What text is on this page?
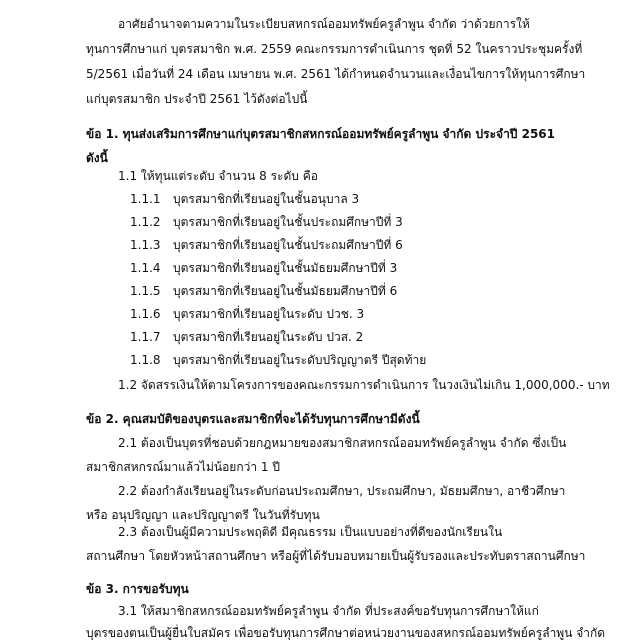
อาศัยอำนาจตามความในระเบียบสหกรณ์ออมทรัพย์ครูลำพูน จำกัด ว่าด้วยการให้
ทุนการศึกษาแก่ บุตรสมาชิก พ.ศ. 2559 คณะกรรมการดำเนินการ ชุดที่ 52 ในคราวประชุมครั้งที่
5/2561 เมื่อวันที่ 24 เดือน เมษายน พ.ศ. 2561 ได้กำหนดจำนวนและเงื่อนไขการให้ทุนการศึกษา
แก่บุตรสมาชิก ประจำปี 2561 ไว้ดังต่อไปนี้
ข้อ 1. ทุนส่งเสริมการศึกษาแก่บุตรสมาชิกสหกรณ์ออมทรัพย์ครูลำพูน จำกัด ประจำปี 2561
ดังนี้
1.1 ให้ทุนแต่ระดับ จำนวน 8 ระดับ คือ
1.1.1 บุตรสมาชิกที่เรียนอยู่ในชั้นอนุบาล 3
1.1.2 บุตรสมาชิกที่เรียนอยู่ในชั้นประถมศึกษาปีที่ 3
1.1.3 บุตรสมาชิกที่เรียนอยู่ในชั้นประถมศึกษาปีที่ 6
1.1.4 บุตรสมาชิกที่เรียนอยู่ในชั้นมัธยมศึกษาปีที่ 3
1.1.5 บุตรสมาชิกที่เรียนอยู่ในชั้นมัธยมศึกษาปีที่ 6
1.1.6 บุตรสมาชิกที่เรียนอยู่ในระดับ ปวช. 3
1.1.7 บุตรสมาชิกที่เรียนอยู่ในระดับ ปวส. 2
1.1.8 บุตรสมาชิกที่เรียนอยู่ในระดับปริญญาตรี ปีสุดท้าย
1.2 จัดสรรเงินให้ตามโครงการของคณะกรรมการดำเนินการ ในวงเงินไม่เกิน 1,000,000.- บาท
ข้อ 2. คุณสมบัติของบุตรและสมาชิกที่จะได้รับทุนการศึกษามีดังนี้
2.1 ต้องเป็นบุตรที่ชอบด้วยกฎหมายของสมาชิกสหกรณ์ออมทรัพย์ครูลำพูน จำกัด ซึ่งเป็น
สมาชิกสหกรณ์มาแล้วไม่น้อยกว่า 1 ปี
2.2 ต้องกำลังเรียนอยู่ในระดับก่อนประถมศึกษา, ประถมศึกษา, มัธยมศึกษา, อาชีวศึกษา
หรือ อนุปริญญา และปริญญาตรี ในวันที่รับทุน
2.3 ต้องเป็นผู้มีความประพฤติดี มีคุณธรรม เป็นแบบอย่างที่ดีของนักเรียนใน
สถานศึกษา โดยหัวหน้าสถานศึกษา หรือผู้ที่ได้รับมอบหมายเป็นผู้รับรองและประทับตราสถานศึกษา
ข้อ 3. การขอรับทุน
3.1 ให้สมาชิกสหกรณ์ออมทรัพย์ครูลำพูน จำกัด ที่ประสงค์ขอรับทุนการศึกษาให้แก่
บุตรของตนเป็นผู้ยื่นใบสมัคร เพื่อขอรับทุนการศึกษาต่อหน่วยงานของสหกรณ์ออมทรัพย์ครูลำพูน จำกัด
